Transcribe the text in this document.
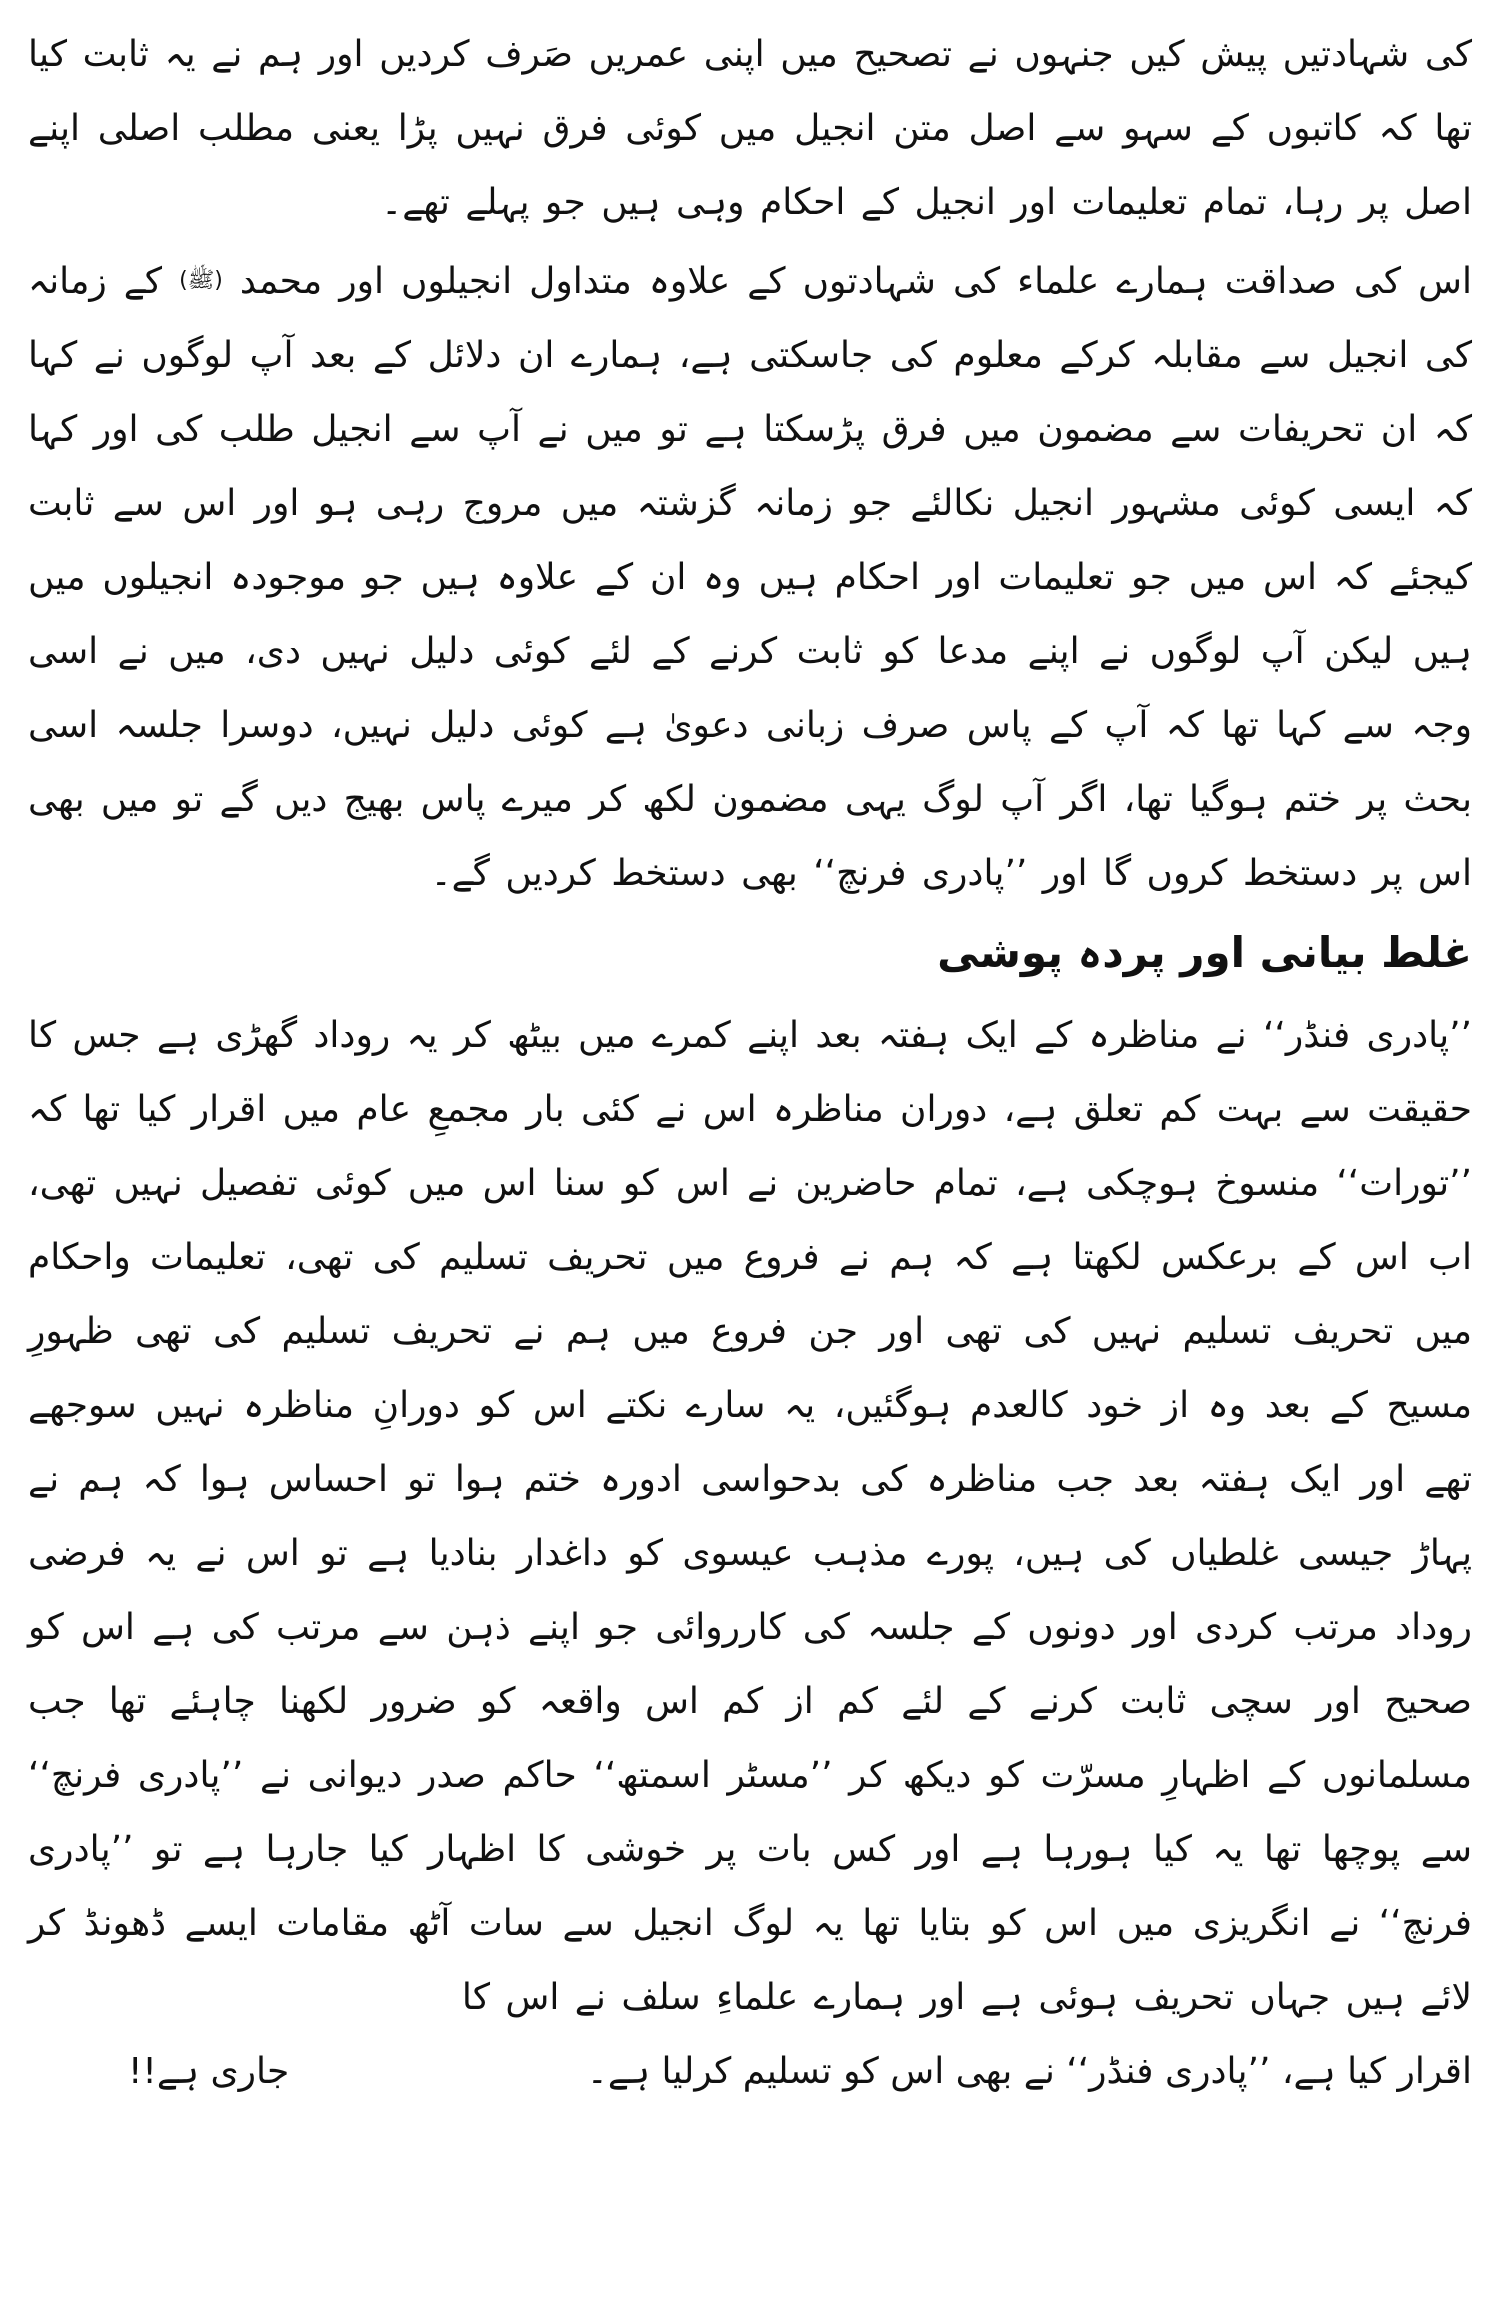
کی شہادتیں پیش کیں جنہوں نے تصحیح میں اپنی عمریں صَرف کردیں اور ہم نے یہ ثابت کیا تھا کہ کاتبوں کے سہو سے اصل متن انجیل میں کوئی فرق نہیں پڑا یعنی مطلب اصلی اپنے اصل پر رہا، تمام تعلیمات اور انجیل کے احکام وہی ہیں جو پہلے تھے۔

اس کی صداقت ہمارے علماء کی شہادتوں کے علاوہ متداول انجیلوں اور محمد (ﷺ) کے زمانہ کی انجیل سے مقابلہ کرکے معلوم کی جاسکتی ہے، ہمارے ان دلائل کے بعد آپ لوگوں نے کہا کہ ان تحریفات سے مضمون میں فرق پڑسکتا ہے تو میں نے آپ سے انجیل طلب کی اور کہا کہ ایسی کوئی مشہور انجیل نکالئے جو زمانہ گزشتہ میں مروج رہی ہو اور اس سے ثابت کیجئے کہ اس میں جو تعلیمات اور احکام ہیں وہ ان کے علاوہ ہیں جو موجودہ انجیلوں میں ہیں لیکن آپ لوگوں نے اپنے مدعا کو ثابت کرنے کے لئے کوئی دلیل نہیں دی، میں نے اسی وجہ سے کہا تھا کہ آپ کے پاس صرف زبانی دعویٰ ہے کوئی دلیل نہیں، دوسرا جلسہ اسی بحث پر ختم ہوگیا تھا، اگر آپ لوگ یہی مضمون لکھ کر میرے پاس بھیج دیں گے تو میں بھی اس پر دستخط کروں گا اور ’’پادری فرنچ‘‘ بھی دستخط کردیں گے۔

غلط بیانی اور پردہ پوشی

’’پادری فنڈر‘‘ نے مناظرہ کے ایک ہفتہ بعد اپنے کمرے میں بیٹھ کر یہ روداد گھڑی ہے جس کا حقیقت سے بہت کم تعلق ہے، دوران مناظرہ اس نے کئی بار مجمعِ عام میں اقرار کیا تھا کہ ’’تورات‘‘ منسوخ ہوچکی ہے، تمام حاضرین نے اس کو سنا اس میں کوئی تفصیل نہیں تھی، اب اس کے برعکس لکھتا ہے کہ ہم نے فروع میں تحریف تسلیم کی تھی، تعلیمات واحکام میں تحریف تسلیم نہیں کی تھی اور جن فروع میں ہم نے تحریف تسلیم کی تھی ظہورِ مسیح کے بعد وہ از خود کالعدم ہوگئیں، یہ سارے نکتے اس کو دورانِ مناظرہ نہیں سوجھے تھے اور ایک ہفتہ بعد جب مناظرہ کی بدحواسی ادورہ ختم ہوا تو احساس ہوا کہ ہم نے پہاڑ جیسی غلطیاں کی ہیں، پورے مذہب عیسوی کو داغدار بنادیا ہے تو اس نے یہ فرضی روداد مرتب کردی اور دونوں کے جلسہ کی کارروائی جو اپنے ذہن سے مرتب کی ہے اس کو صحیح اور سچی ثابت کرنے کے لئے کم از کم اس واقعہ کو ضرور لکھنا چاہئے تھا جب مسلمانوں کے اظہارِ مسرّت کو دیکھ کر ’’مسٹر اسمتھ‘‘ حاکم صدر دیوانی نے ’’پادری فرنچ‘‘ سے پوچھا تھا یہ کیا ہورہا ہے اور کس بات پر خوشی کا اظہار کیا جارہا ہے تو ’’پادری فرنچ‘‘ نے انگریزی میں اس کو بتایا تھا یہ لوگ انجیل سے سات آٹھ مقامات ایسے ڈھونڈ کر لائے ہیں جہاں تحریف ہوئی ہے اور ہمارے علماءِ سلف نے اس کا

اقرار کیا ہے، ’’پادری فنڈر‘‘ نے بھی اس کو تسلیم کرلیا ہے۔
جاری ہے!!
